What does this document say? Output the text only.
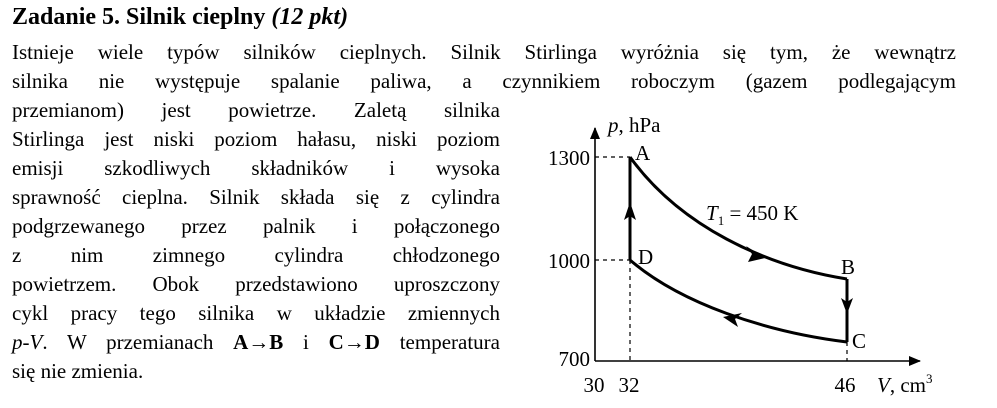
Zadanie 5. Silnik cieplny (12 pkt)
Istnieje wiele typów silników cieplnych. Silnik Stirlinga wyróżnia się tym, że wewnątrz
silnika nie występuje spalanie paliwa, a czynnikiem roboczym (gazem podlegającym
przemianom) jest powietrze. Zaletą silnika
Stirlinga jest niski poziom hałasu, niski poziom
emisji szkodliwych składników i wysoka
sprawność cieplna. Silnik składa się z cylindra
podgrzewanego przez palnik i połączonego
z nim zimnego cylindra chłodzonego
powietrzem. Obok przedstawiono uproszczony
cykl pracy tego silnika w układzie zmiennych
p-V. W przemianach A→B i C→D temperatura
się nie zmienia.
p, hPa
V, $cm^3$
1300
1000
700
30 32	46
A
B
C
D
$T_1 = 450$ K
